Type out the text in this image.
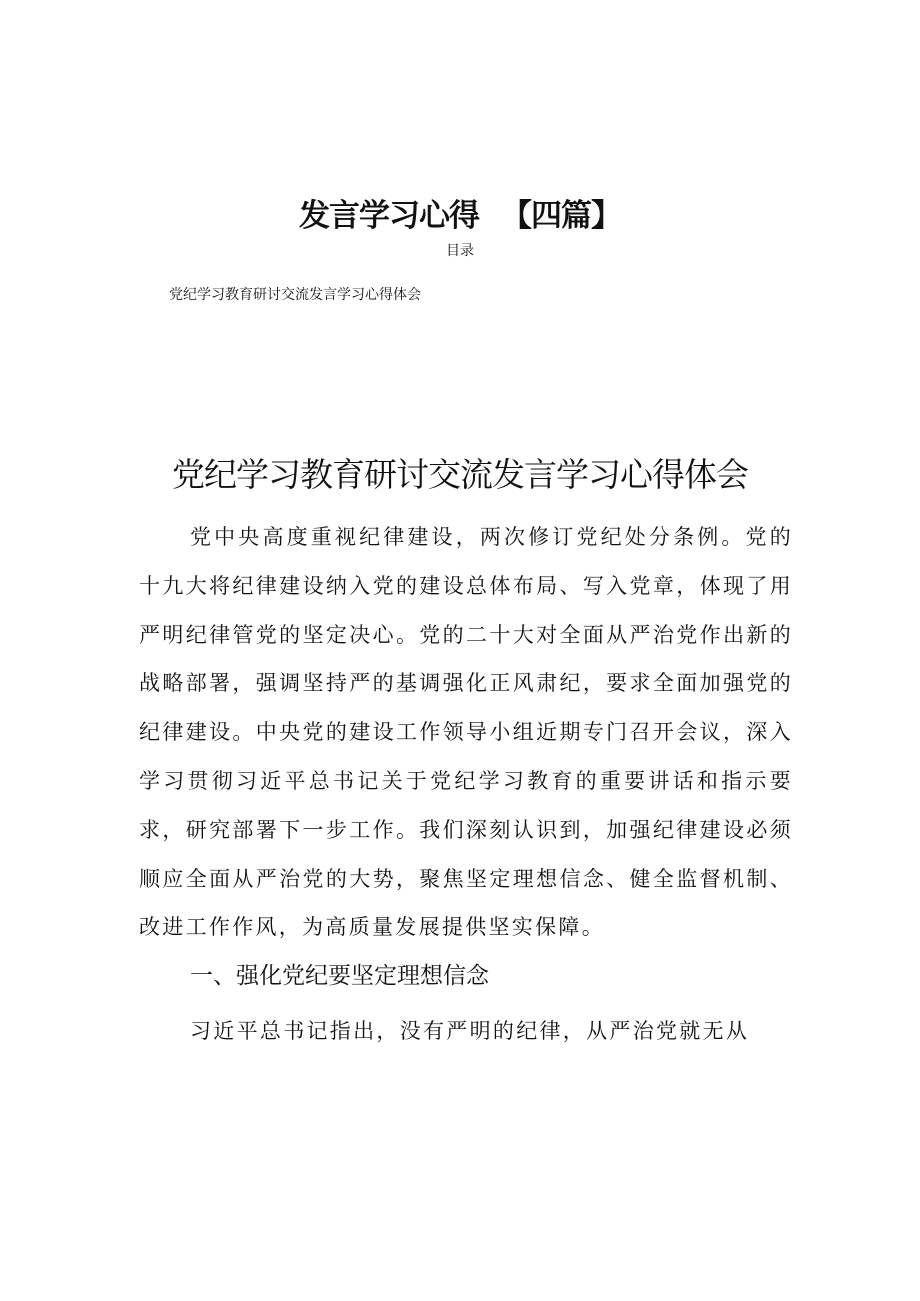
发言学习心得 【四篇】
目录
党纪学习教育研讨交流发言学习心得体会
党纪学习教育研讨交流发言学习心得体会

党中央高度重视纪律建设，两次修订党纪处分条例。党的十九大将纪律建设纳入党的建设总体布局、写入党章，体现了用严明纪律管党的坚定决心。党的二十大对全面从严治党作出新的战略部署，强调坚持严的基调强化正风肃纪，要求全面加强党的纪律建设。中央党的建设工作领导小组近期专门召开会议，深入学习贯彻习近平总书记关于党纪学习教育的重要讲话和指示要求，研究部署下一步工作。我们深刻认识到，加强纪律建设必须顺应全面从严治党的大势，聚焦坚定理想信念、健全监督机制、改进工作作风，为高质量发展提供坚实保障。

一、强化党纪要坚定理想信念

习近平总书记指出，没有严明的纪律，从严治党就无从
